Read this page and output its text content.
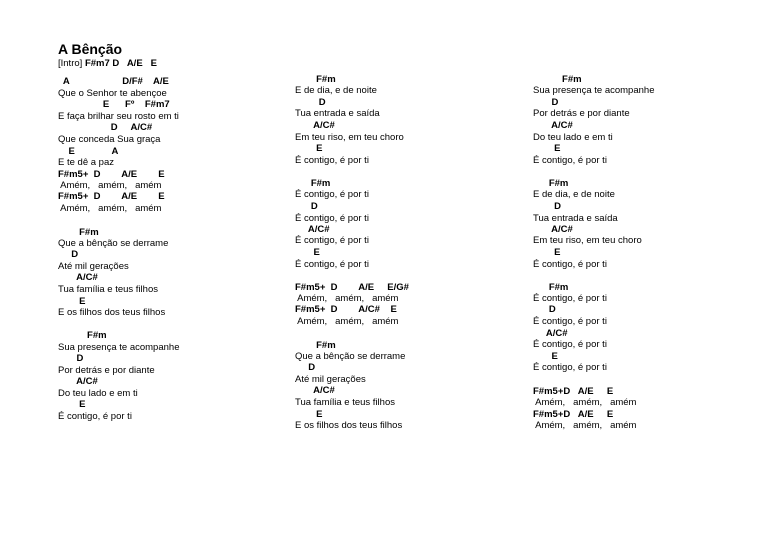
A Bênção
[Intro] F#m7 D   A/E   E
A                    D/F#    A/E
Que o Senhor te abençoe
E      Fº    F#m7
E faça brilhar seu rosto em ti
D     A/C#
Que conceda Sua graça
E              A
E te dê a paz
F#m5+  D        A/E        E
Amém,   amém,   amém
F#m5+  D        A/E        E
Amém,   amém,   amém
F#m
Que a bênção se derrame
D
Até mil gerações
A/C#
Tua família e teus filhos
E
E os filhos dos teus filhos
F#m
Sua presença te acompanhe
D
Por detrás e por diante
A/C#
Do teu lado e em ti
E
É contigo, é por ti
F#m
E de dia, e de noite
D
Tua entrada e saída
A/C#
Em teu riso, em teu choro
E
É contigo, é por ti
F#m
É contigo, é por ti
D
É contigo, é por ti
A/C#
É contigo, é por ti
E
É contigo, é por ti
F#m5+  D        A/E     E/G#
Amém,   amém,   amém
F#m5+  D        A/C#    E
Amém,   amém,   amém
F#m
Que a bênção se derrame
D
Até mil gerações
A/C#
Tua família e teus filhos
E
E os filhos dos teus filhos
F#m
Sua presença te acompanhe
D
Por detrás e por diante
A/C#
Do teu lado e em ti
E
É contigo, é por ti
F#m
E de dia, e de noite
D
Tua entrada e saída
A/C#
Em teu riso, em teu choro
E
É contigo, é por ti
F#m
É contigo, é por ti
D
É contigo, é por ti
A/C#
É contigo, é por ti
E
É contigo, é por ti
F#m5+D   A/E     E
Amém,   amém,   amém
F#m5+D   A/E     E
Amém,   amém,   amém
